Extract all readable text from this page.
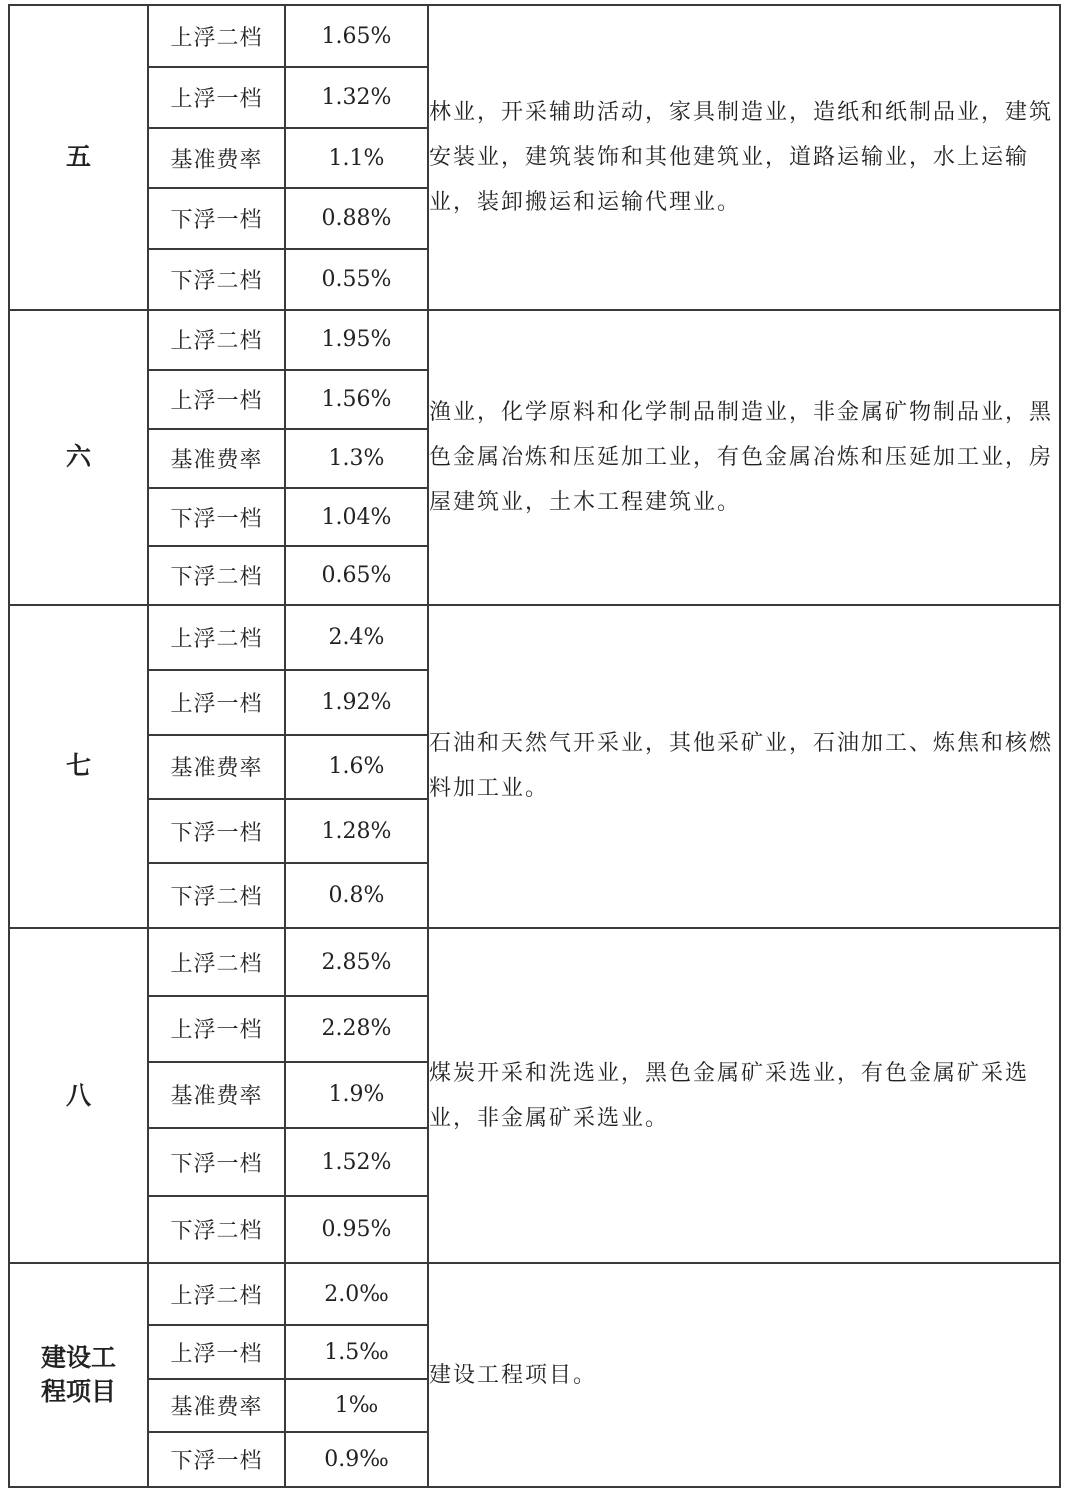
五	上浮二档	1.65%	林业，开采辅助活动，家具制造业，造纸和纸制品业，建筑安装业，建筑装饰和其他建筑业，道路运输业，水上运输业，装卸搬运和运输代理业。
	上浮一档	1.32%	
	基准费率	1.1%	
	下浮一档	0.88%	
	下浮二档	0.55%	
六	上浮二档	1.95%	渔业，化学原料和化学制品制造业，非金属矿物制品业，黑色金属冶炼和压延加工业，有色金属冶炼和压延加工业，房屋建筑业，土木工程建筑业。
	上浮一档	1.56%	
	基准费率	1.3%	
	下浮一档	1.04%	
	下浮二档	0.65%	
七	上浮二档	2.4%	石油和天然气开采业，其他采矿业，石油加工、炼焦和核燃料加工业。
	上浮一档	1.92%	
	基准费率	1.6%	
	下浮一档	1.28%	
	下浮二档	0.8%	
八	上浮二档	2.85%	煤炭开采和洗选业，黑色金属矿采选业，有色金属矿采选业，非金属矿采选业。
	上浮一档	2.28%	
	基准费率	1.9%	
	下浮一档	1.52%	
	下浮二档	0.95%	
建设工程项目	上浮二档	2.0‰	建设工程项目。
	上浮一档	1.5‰	
	基准费率	1‰	
	下浮一档	0.9‰	
